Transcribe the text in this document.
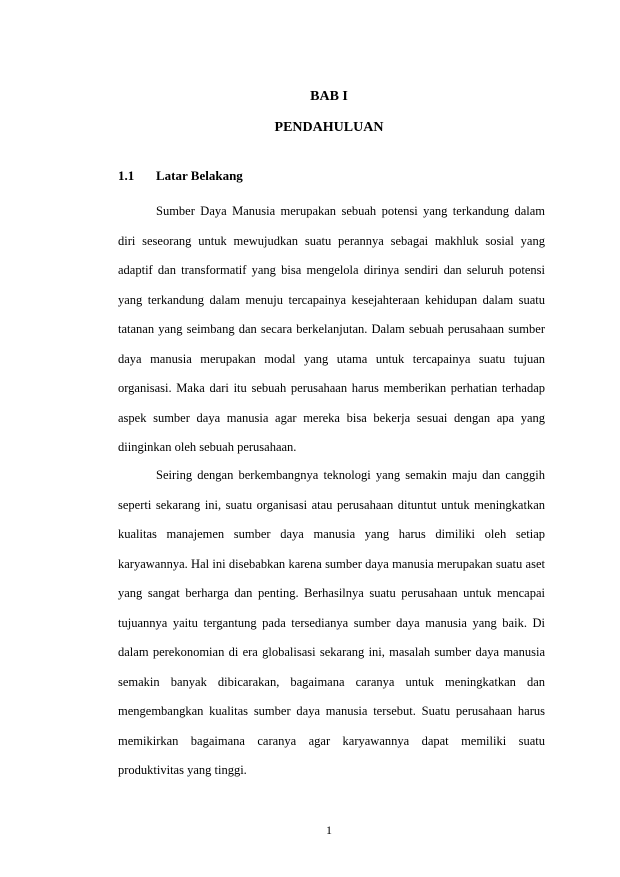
BAB I
PENDAHULUAN
1.1 Latar Belakang

Sumber Daya Manusia merupakan sebuah potensi yang terkandung dalam diri seseorang untuk mewujudkan suatu perannya sebagai makhluk sosial yang adaptif dan transformatif yang bisa mengelola dirinya sendiri dan seluruh potensi yang terkandung dalam menuju tercapainya kesejahteraan kehidupan dalam suatu tatanan yang seimbang dan secara berkelanjutan. Dalam sebuah perusahaan sumber daya manusia merupakan modal yang utama untuk tercapainya suatu tujuan organisasi. Maka dari itu sebuah perusahaan harus memberikan perhatian terhadap aspek sumber daya manusia agar mereka bisa bekerja sesuai dengan apa yang diinginkan oleh sebuah perusahaan.

Seiring dengan berkembangnya teknologi yang semakin maju dan canggih seperti sekarang ini, suatu organisasi atau perusahaan dituntut untuk meningkatkan kualitas manajemen sumber daya manusia yang harus dimiliki oleh setiap karyawannya. Hal ini disebabkan karena sumber daya manusia merupakan suatu aset yang sangat berharga dan penting. Berhasilnya suatu perusahaan untuk mencapai tujuannya yaitu tergantung pada tersedianya sumber daya manusia yang baik. Di dalam perekonomian di era globalisasi sekarang ini, masalah sumber daya manusia semakin banyak dibicarakan, bagaimana caranya untuk meningkatkan dan mengembangkan kualitas sumber daya manusia tersebut. Suatu perusahaan harus memikirkan bagaimana caranya agar karyawannya dapat memiliki suatu produktivitas yang tinggi.

1
